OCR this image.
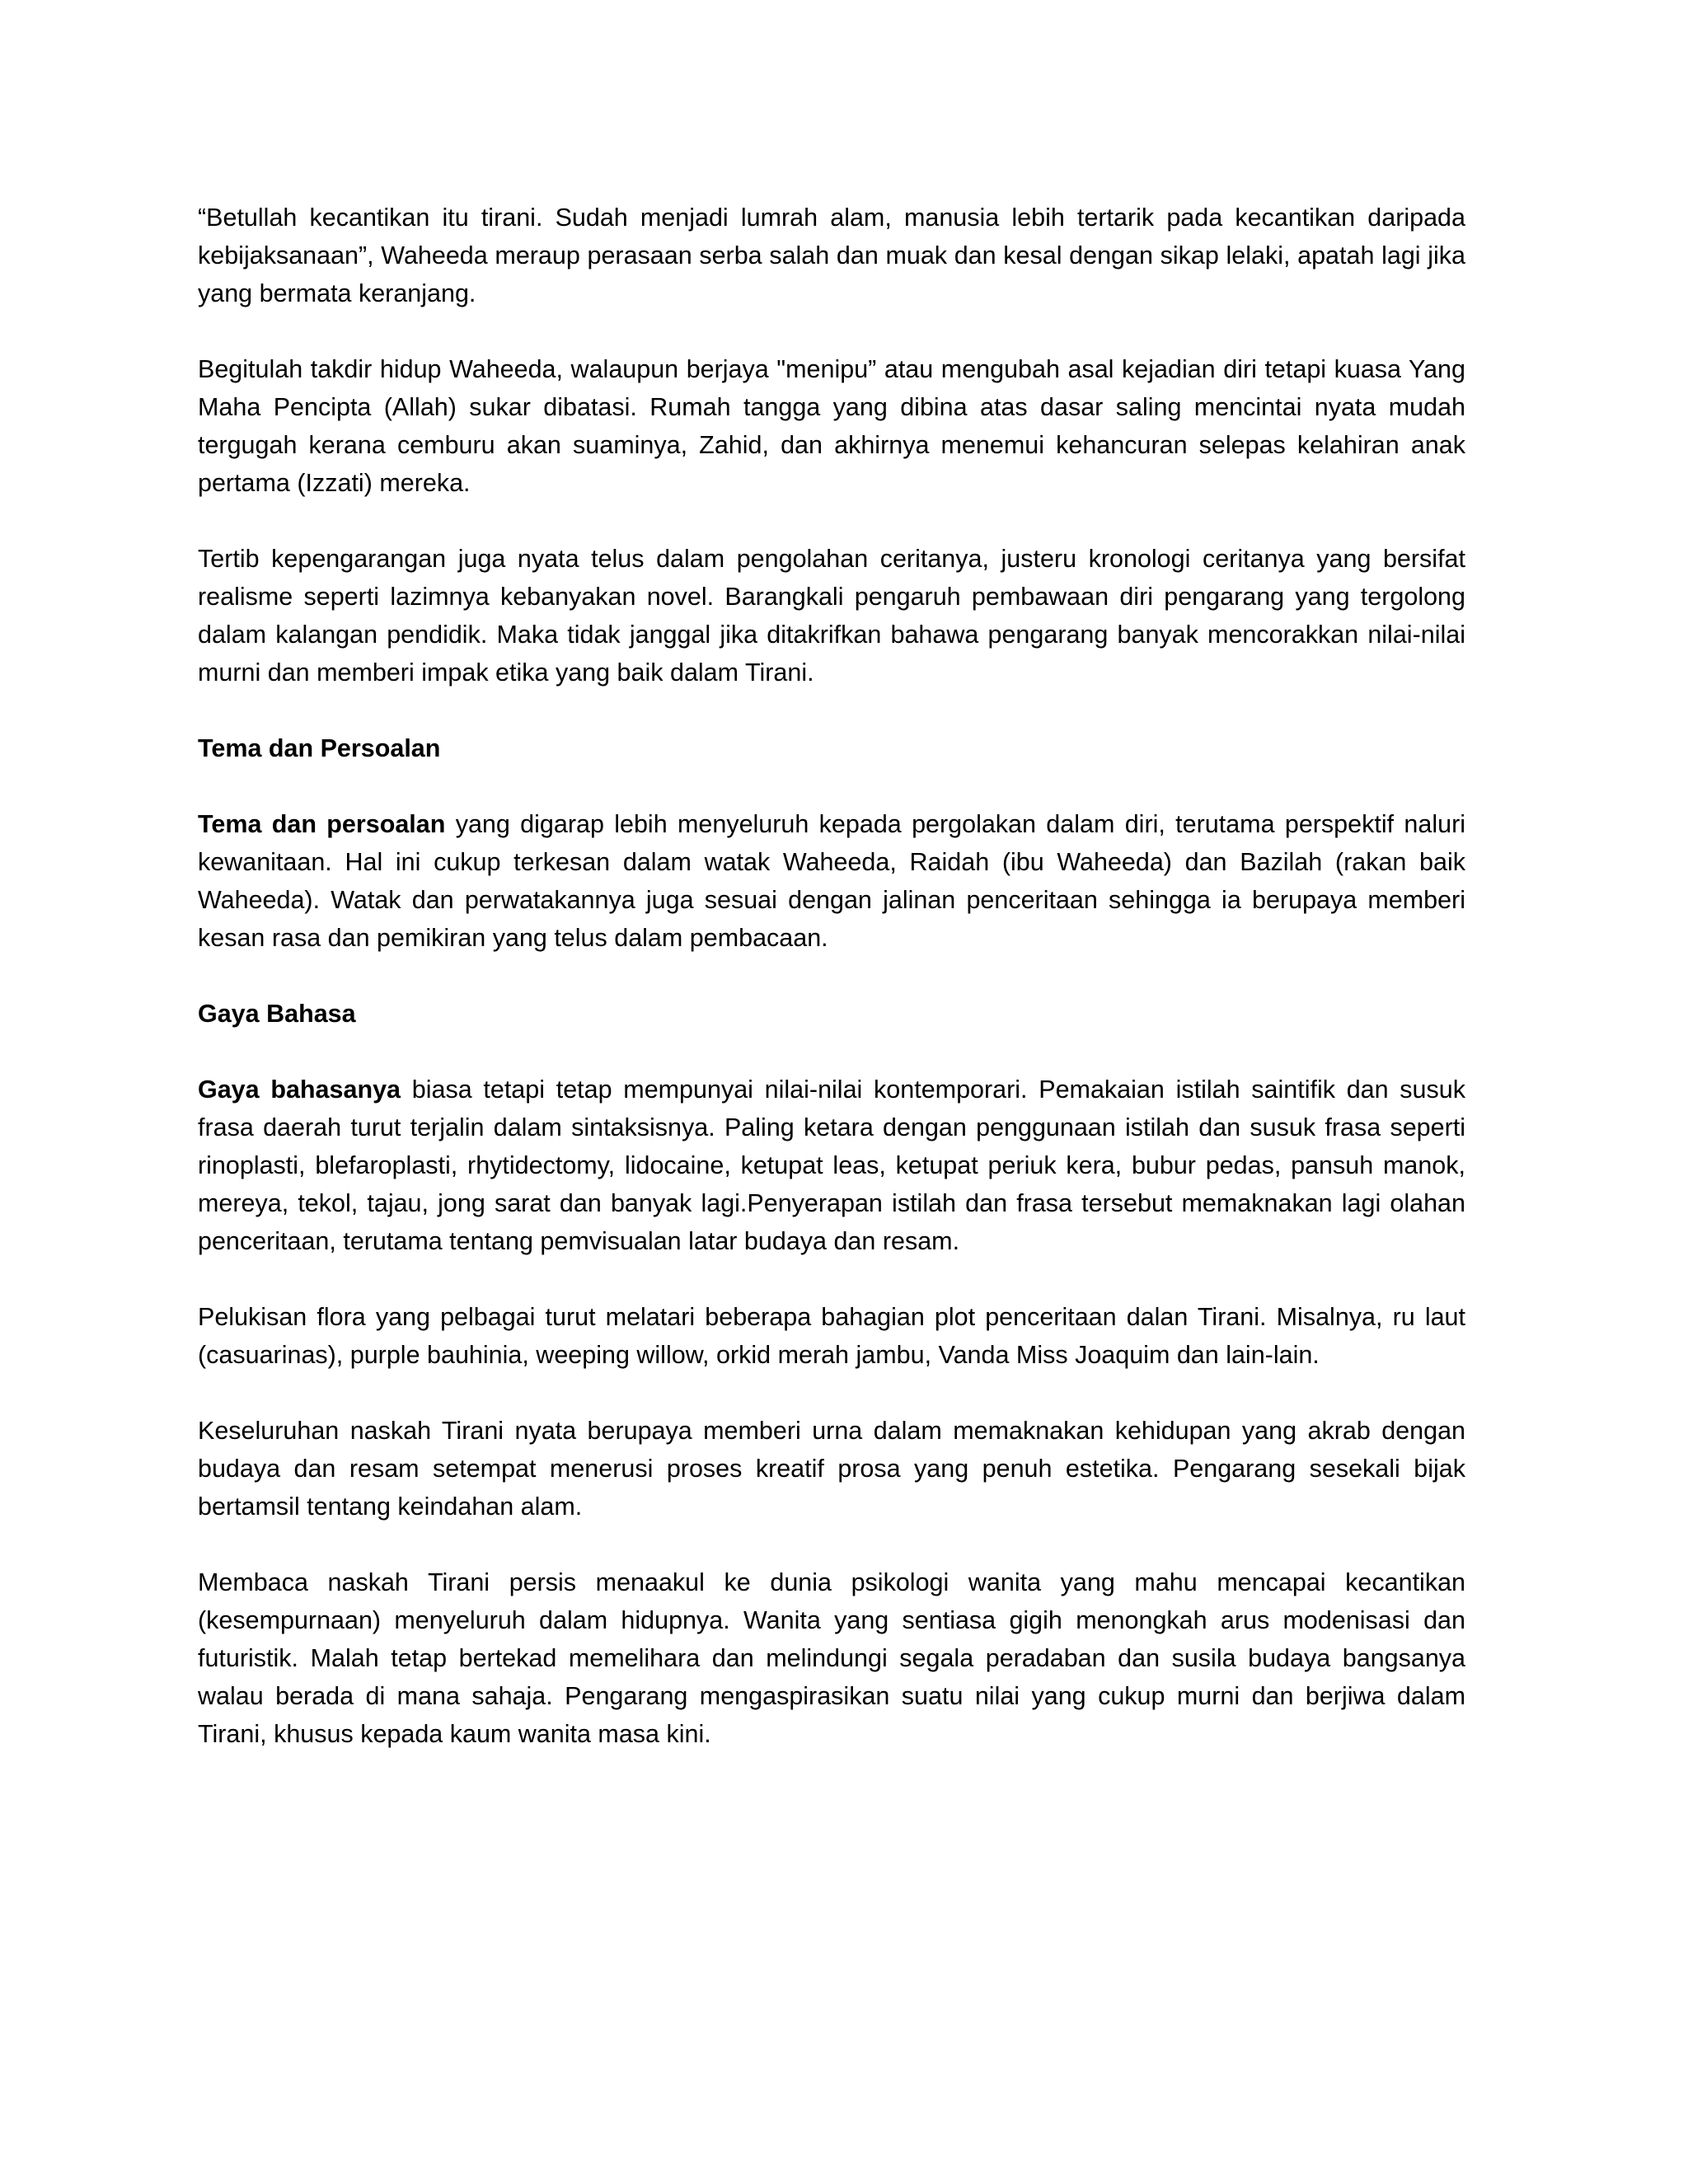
“Betullah kecantikan itu tirani. Sudah menjadi lumrah alam, manusia lebih tertarik pada kecantikan daripada kebijaksanaan”, Waheeda meraup perasaan serba salah dan muak dan kesal dengan sikap lelaki, apatah lagi jika yang bermata keranjang.

Begitulah takdir hidup Waheeda, walaupun berjaya "menipu” atau mengubah asal kejadian diri tetapi kuasa Yang Maha Pencipta (Allah) sukar dibatasi. Rumah tangga yang dibina atas dasar saling mencintai nyata mudah tergugah kerana cemburu akan suaminya, Zahid, dan akhirnya menemui kehancuran selepas kelahiran anak pertama (Izzati) mereka.

Tertib kepengarangan juga nyata telus dalam pengolahan ceritanya, justeru kronologi ceritanya yang bersifat realisme seperti lazimnya kebanyakan novel. Barangkali pengaruh pembawaan diri pengarang yang tergolong dalam kalangan pendidik. Maka tidak janggal jika ditakrifkan bahawa pengarang banyak mencorakkan nilai-nilai murni dan memberi impak etika yang baik dalam Tirani.

Tema dan Persoalan

Tema dan persoalan yang digarap lebih menyeluruh kepada pergolakan dalam diri, terutama perspektif naluri kewanitaan. Hal ini cukup terkesan dalam watak Waheeda, Raidah (ibu Waheeda) dan Bazilah (rakan baik Waheeda). Watak dan perwatakannya juga sesuai dengan jalinan penceritaan sehingga ia berupaya memberi kesan rasa dan pemikiran yang telus dalam pembacaan.

Gaya Bahasa

Gaya bahasanya biasa tetapi tetap mempunyai nilai-nilai kontemporari. Pemakaian istilah saintifik dan susuk frasa daerah turut terjalin dalam sintaksisnya. Paling ketara dengan penggunaan istilah dan susuk frasa seperti rinoplasti, blefaroplasti, rhytidectomy, lidocaine, ketupat leas, ketupat periuk kera, bubur pedas, pansuh manok, mereya, tekol, tajau, jong sarat dan banyak lagi.Penyerapan istilah dan frasa tersebut memaknakan lagi olahan penceritaan, terutama tentang pemvisualan latar budaya dan resam.

Pelukisan flora yang pelbagai turut melatari beberapa bahagian plot penceritaan dalan Tirani. Misalnya, ru laut (casuarinas), purple bauhinia, weeping willow, orkid merah jambu, Vanda Miss Joaquim dan lain-lain.

Keseluruhan naskah Tirani nyata berupaya memberi urna dalam memaknakan kehidupan yang akrab dengan budaya dan resam setempat menerusi proses kreatif prosa yang penuh estetika. Pengarang sesekali bijak bertamsil tentang keindahan alam.

Membaca naskah Tirani persis menaakul ke dunia psikologi wanita yang mahu mencapai kecantikan (kesempurnaan) menyeluruh dalam hidupnya. Wanita yang sentiasa gigih menongkah arus modenisasi dan futuristik. Malah tetap bertekad memelihara dan melindungi segala peradaban dan susila budaya bangsanya walau berada di mana sahaja. Pengarang mengaspirasikan suatu nilai yang cukup murni dan berjiwa dalam Tirani, khusus kepada kaum wanita masa kini.
